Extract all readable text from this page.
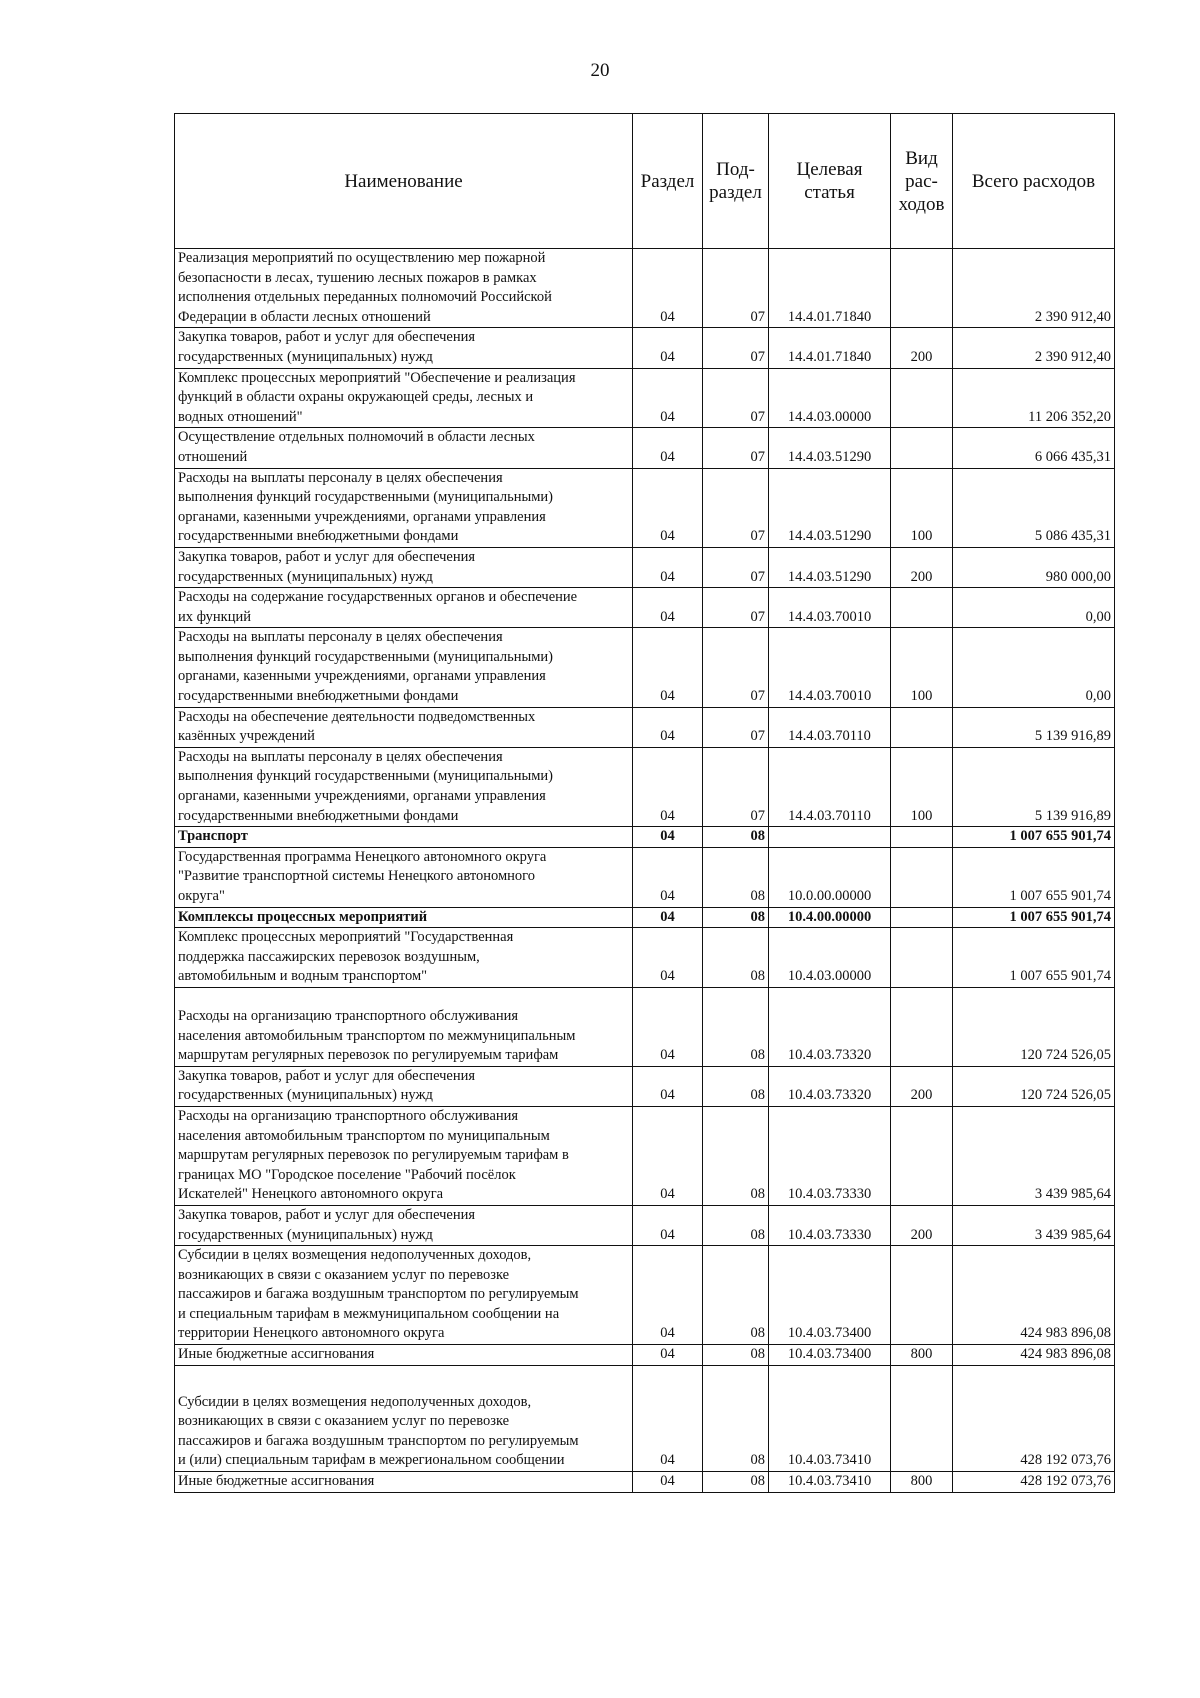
20
Наименование	Раздел	Под-
раздел	Целевая
статья	Вид
рас-
ходов	Всего расходов
Реализация мероприятий по осуществлению мер пожарной
безопасности в лесах, тушению лесных пожаров в рамках
исполнения отдельных переданных полномочий Российской
Федерации в области лесных отношений	04	07	14.4.01.71840		2 390 912,40
Закупка товаров, работ и услуг для обеспечения
государственных (муниципальных) нужд	04	07	14.4.01.71840	200	2 390 912,40
Комплекс процессных мероприятий "Обеспечение и реализация
функций в области охраны окружающей среды, лесных и
водных отношений"	04	07	14.4.03.00000		11 206 352,20
Осуществление отдельных полномочий в области лесных
отношений	04	07	14.4.03.51290		6 066 435,31
Расходы на выплаты персоналу в целях обеспечения
выполнения функций государственными (муниципальными)
органами, казенными учреждениями, органами управления
государственными внебюджетными фондами	04	07	14.4.03.51290	100	5 086 435,31
Закупка товаров, работ и услуг для обеспечения
государственных (муниципальных) нужд	04	07	14.4.03.51290	200	980 000,00
Расходы на содержание государственных органов и обеспечение
их функций	04	07	14.4.03.70010		0,00
Расходы на выплаты персоналу в целях обеспечения
выполнения функций государственными (муниципальными)
органами, казенными учреждениями, органами управления
государственными внебюджетными фондами	04	07	14.4.03.70010	100	0,00
Расходы на обеспечение деятельности подведомственных
казённых учреждений	04	07	14.4.03.70110		5 139 916,89
Расходы на выплаты персоналу в целях обеспечения
выполнения функций государственными (муниципальными)
органами, казенными учреждениями, органами управления
государственными внебюджетными фондами	04	07	14.4.03.70110	100	5 139 916,89
Транспорт	04	08			1 007 655 901,74
Государственная программа Ненецкого автономного округа
"Развитие транспортной системы Ненецкого автономного
округа"	04	08	10.0.00.00000		1 007 655 901,74
Комплексы процессных мероприятий	04	08	10.4.00.00000		1 007 655 901,74
Комплекс процессных мероприятий "Государственная
поддержка пассажирских перевозок воздушным,
автомобильным и водным транспортом"	04	08	10.4.03.00000		1 007 655 901,74
Расходы на организацию транспортного обслуживания
населения автомобильным транспортом по межмуниципальным
маршрутам регулярных перевозок по регулируемым тарифам	04	08	10.4.03.73320		120 724 526,05
Закупка товаров, работ и услуг для обеспечения
государственных (муниципальных) нужд	04	08	10.4.03.73320	200	120 724 526,05
Расходы на организацию транспортного обслуживания
населения автомобильным транспортом по муниципальным
маршрутам регулярных перевозок по регулируемым тарифам в
границах МО "Городское поселение "Рабочий посёлок
Искателей" Ненецкого автономного округа	04	08	10.4.03.73330		3 439 985,64
Закупка товаров, работ и услуг для обеспечения
государственных (муниципальных) нужд	04	08	10.4.03.73330	200	3 439 985,64
Субсидии в целях возмещения недополученных доходов,
возникающих в связи с оказанием услуг по перевозке
пассажиров и багажа воздушным транспортом по регулируемым
и специальным тарифам в межмуниципальном сообщении на
территории Ненецкого автономного округа	04	08	10.4.03.73400		424 983 896,08
Иные бюджетные ассигнования	04	08	10.4.03.73400	800	424 983 896,08
Субсидии в целях возмещения недополученных доходов,
возникающих в связи с оказанием услуг по перевозке
пассажиров и багажа воздушным транспортом по регулируемым
и (или) специальным тарифам в межрегиональном сообщении	04	08	10.4.03.73410		428 192 073,76
Иные бюджетные ассигнования	04	08	10.4.03.73410	800	428 192 073,76
